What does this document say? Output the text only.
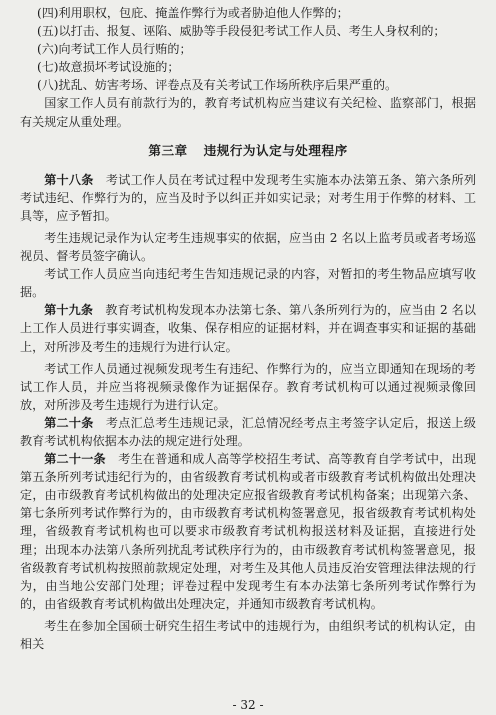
(四)利用职权，包庇、掩盖作弊行为或者胁迫他人作弊的；

(五)以打击、报复、诬陷、威胁等手段侵犯考试工作人员、考生人身权利的；

(六)向考试工作人员行贿的；

(七)故意损坏考试设施的；

(八)扰乱、妨害考场、评卷点及有关考试工作场所秩序后果严重的。

国家工作人员有前款行为的，教育考试机构应当建议有关纪检、监察部门，根据有关规定从重处理。

第三章 违规行为认定与处理程序

第十八条　 考试工作人员在考试过程中发现考生实施本办法第五条、第六条所列考试违纪、作弊行为的，应当及时予以纠正并如实记录；对考生用于作弊的材料、工具等，应予暂扣。

考生违规记录作为认定考生违规事实的依据，应当由 2 名以上监考员或者考场巡视员、督考员签字确认。

考试工作人员应当向违纪考生告知违规记录的内容，对暂扣的考生物品应填写收据。

第十九条　 教育考试机构发现本办法第七条、第八条所列行为的，应当由 2 名以上工作人员进行事实调查，收集、保存相应的证据材料，并在调查事实和证据的基础上，对所涉及考生的违规行为进行认定。

考试工作人员通过视频发现考生有违纪、作弊行为的，应当立即通知在现场的考试工作人员，并应当将视频录像作为证据保存。教育考试机构可以通过视频录像回放，对所涉及考生违规行为进行认定。

第二十条　 考点汇总考生违规记录，汇总情况经考点主考签字认定后，报送上级教育考试机构依据本办法的规定进行处理。

第二十一条　 考生在普通和成人高等学校招生考试、高等教育自学考试中，出现第五条所列考试违纪行为的，由省级教育考试机构或者市级教育考试机构做出处理决定，由市级教育考试机构做出的处理决定应报省级教育考试机构备案；出现第六条、第七条所列考试作弊行为的，由市级教育考试机构签署意见，报省级教育考试机构处理，省级教育考试机构也可以要求市级教育考试机构报送材料及证据，直接进行处理；出现本办法第八条所列扰乱考试秩序行为的，由市级教育考试机构签署意见，报省级教育考试机构按照前款规定处理，对考生及其他人员违反治安管理法律法规的行为，由当地公安部门处理；评卷过程中发现考生有本办法第七条所列考试作弊行为的，由省级教育考试机构做出处理决定，并通知市级教育考试机构。

考生在参加全国硕士研究生招生考试中的违规行为，由组织考试的机构认定，由相关

- 32 -
